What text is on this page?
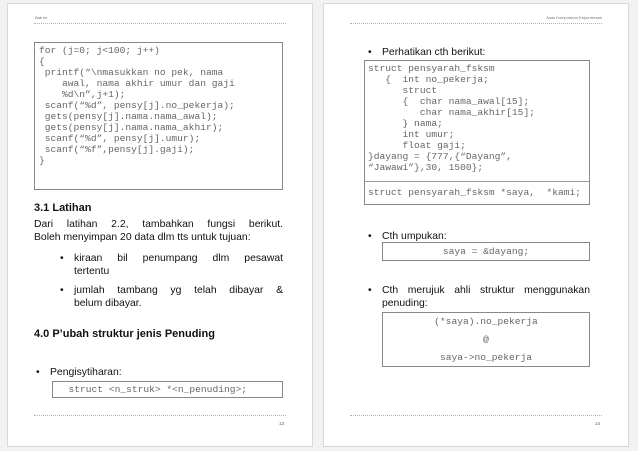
Bab ke
for (j=0; j<100; j++)
{
printf(“\nmasukkan no pek, nama
awal, nama akhir umur dan gaji
%d\n”,j+1);
scanf(“%d”, pensy[j].no_pekerja);
gets(pensy[j].nama.nama_awal);
gets(pensy[j].nama.nama_akhir);
scanf(“%d”, pensy[j].umur);
scanf(“%f”,pensy[j].gaji);
}
3.1 Latihan
Dari latihan 2.2, tambahkan fungsi berikut.
Boleh menyimpan 20 data dlm tts untuk tujuan:
• kiraan bil penumpang dlm pesawat
tertentu
• jumlah tambang yg telah dibayar &
belum dibayar.
4.0 P’ubah struktur jenis Penuding
• Pengisytiharan:
struct <n_struk> *<n_penuding>;
13
Asas Komputeran Kejuruteraan
• Perhatikan cth berikut:
struct pensyarah_fsksm
{  int no_pekerja;
struct
{  char nama_awal[15];
char nama_akhir[15];
} nama;
int umur;
float gaji;
}dayang = {777,{“Dayang”,
“Jawawi”},30, 1500};
struct pensyarah_fsksm *saya,  *kami;
• Cth umpukan:
saya = &dayang;
• Cth merujuk ahli struktur menggunakan
penuding:
(*saya).no_pekerja
@
saya->no_pekerja
14
